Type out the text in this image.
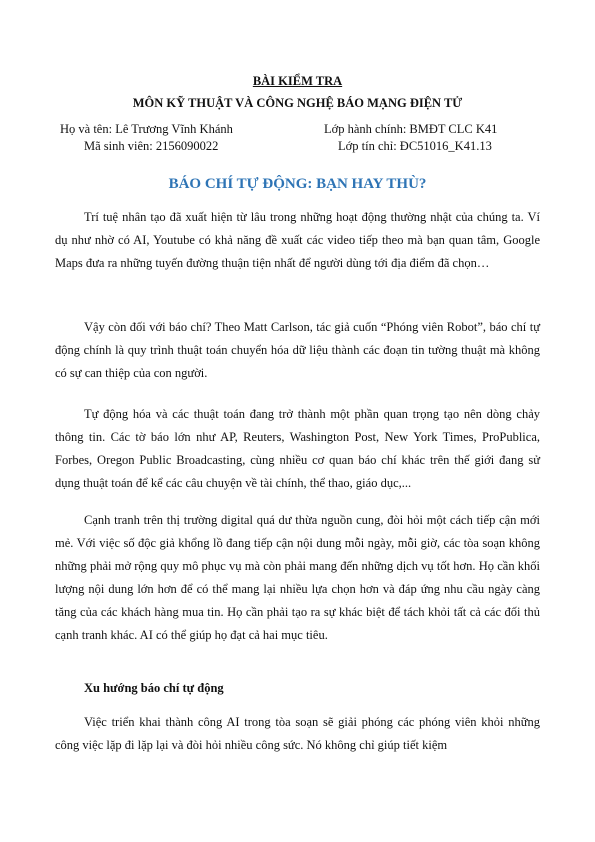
BÀI KIỂM TRA
MÔN KỸ THUẬT VÀ CÔNG NGHỆ BÁO MẠNG ĐIỆN TỬ
Họ và tên: Lê Trương Vĩnh Khánh
Mã sinh viên: 2156090022
Lớp hành chính: BMĐT CLC K41
Lớp tín chỉ: ĐC51016_K41.13
BÁO CHÍ TỰ ĐỘNG: BẠN HAY THÙ?

Trí tuệ nhân tạo đã xuất hiện từ lâu trong những hoạt động thường nhật của chúng ta. Ví dụ như nhờ có AI, Youtube có khả năng đề xuất các video tiếp theo mà bạn quan tâm, Google Maps đưa ra những tuyến đường thuận tiện nhất để người dùng tới địa điểm đã chọn…

Vậy còn đối với báo chí? Theo Matt Carlson, tác giả cuốn “Phóng viên Robot”, báo chí tự động chính là quy trình thuật toán chuyển hóa dữ liệu thành các đoạn tin tường thuật mà không có sự can thiệp của con người.

Tự động hóa và các thuật toán đang trở thành một phần quan trọng tạo nên dòng chảy thông tin. Các tờ báo lớn như AP, Reuters, Washington Post, New York Times, ProPublica, Forbes, Oregon Public Broadcasting, cùng nhiều cơ quan báo chí khác trên thế giới đang sử dụng thuật toán để kể các câu chuyện về tài chính, thể thao, giáo dục,...

Cạnh tranh trên thị trường digital quá dư thừa nguồn cung, đòi hỏi một cách tiếp cận mới mẻ. Với việc số độc giả khổng lồ đang tiếp cận nội dung mỗi ngày, mỗi giờ, các tòa soạn không những phải mở rộng quy mô phục vụ mà còn phải mang đến những dịch vụ tốt hơn. Họ cần khối lượng nội dung lớn hơn để có thể mang lại nhiều lựa chọn hơn và đáp ứng nhu cầu ngày càng tăng của các khách hàng mua tin. Họ cần phải tạo ra sự khác biệt để tách khỏi tất cả các đối thủ cạnh tranh khác. AI có thể giúp họ đạt cả hai mục tiêu.

Xu hướng báo chí tự động

Việc triển khai thành công AI trong tòa soạn sẽ giải phóng các phóng viên khỏi những công việc lặp đi lặp lại và đòi hỏi nhiều công sức. Nó không chỉ giúp tiết kiệm
